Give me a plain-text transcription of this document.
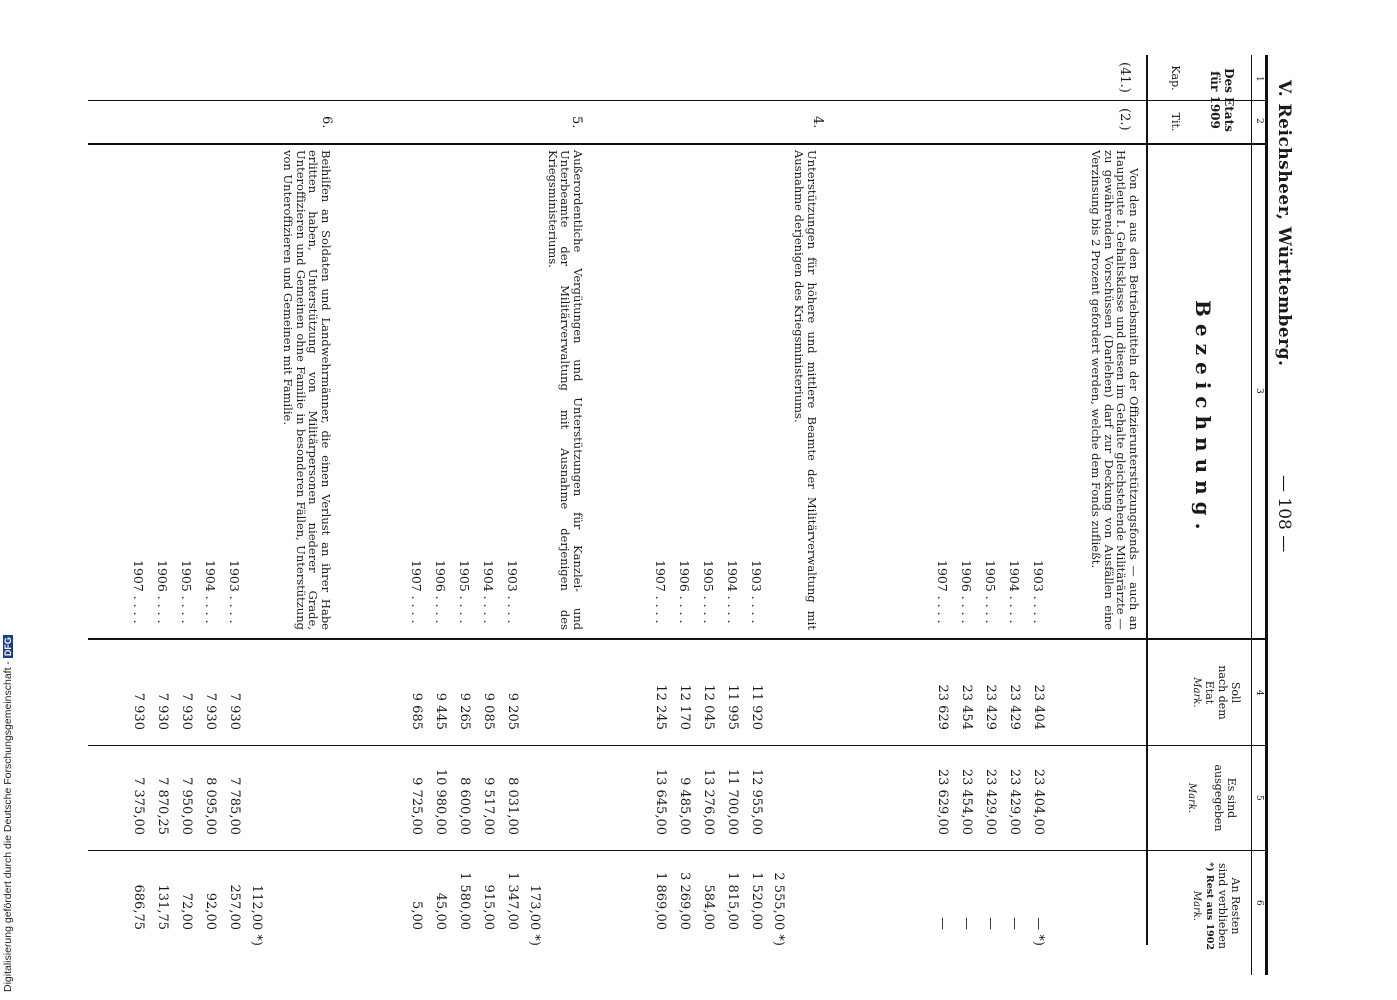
Digitalisierung gefördert durch die Deutsche Forschungsgemeinschaft -DFG
V. Reichsheer, Württemberg.
— 108 —
1
2
3
4
5
6
Des Etats
für 1909
Kap.
Tit.
Bezeichnung.
Soll
nach dem
Etat
Mark.
Es sind
ausgegeben
Mark.
An Resten
sind verblieben
*) Rest aus 1902
Mark.
(41.)
(2.)
Von den aus den Betriebsmitteln der Offizierunterstützungsfonds — auch an Hauptleute I. Gehaltsklasse und diesen im Gehalte gleichstehende Militärärzte — zu gewährenden Vorschüssen (Darlehen) darf zur Deckung von Ausfällen eine Verzinsung bis 2 Prozent gefordert werden, welche dem Fonds zufließt.
1903 . . . .
23 404
23 404,00
— *)
1904 . . . .
23 429
23 429,00
—
1905 . . . .
23 429
23 429,00
—
1906 . . . .
23 454
23 454,00
—
1907 . . . .
23 629
23 629,00
—
4.
Unterstützungen für höhere und mittlere Beamte der Militärverwaltung mit Ausnahme derjenigen des Kriegsministeriums.
2 555,00 *)
1903 . . . .
11 920
12 955,00
1 520,00
1904 . . . .
11 995
11 700,00
1 815,00
1905 . . . .
12 045
13 276,00
584,00
1906 . . . .
12 170
9 485,00
3 269,00
1907 . . . .
12 245
13 645,00
1 869,00
5.
Außerordentliche Vergütungen und Unterstützungen für Kanzlei- und Unterbeamte der Militärverwaltung mit Ausnahme derjenigen des Kriegsministeriums.
173,00 *)
1903 . . . .
9 205
8 031,00
1 347,00
1904 . . . .
9 085
9 517,00
915,00
1905 . . . .
9 265
8 600,00
1 580,00
1906 . . . .
9 445
10 980,00
45,00
1907 . . . .
9 685
9 725,00
5,00
6.
Beihilfen an Soldaten und Landwehrmänner, die einen Verlust an ihrer Habe erlitten haben, Unterstützung von Militärpersonen niederer Grade, Unteroffizieren und Gemeinen ohne Familie in besonderen Fällen, Unterstützung von Unteroffizieren und Gemeinen mit Familie.
112,00 *)
1903 . . . .
7 930
7 785,00
257,00
1904 . . . .
7 930
8 095,00
92,00
1905 . . . .
7 930
7 950,00
72,00
1906 . . . .
7 930
7 870,25
131,75
1907 . . . .
7 930
7 375,00
686,75
